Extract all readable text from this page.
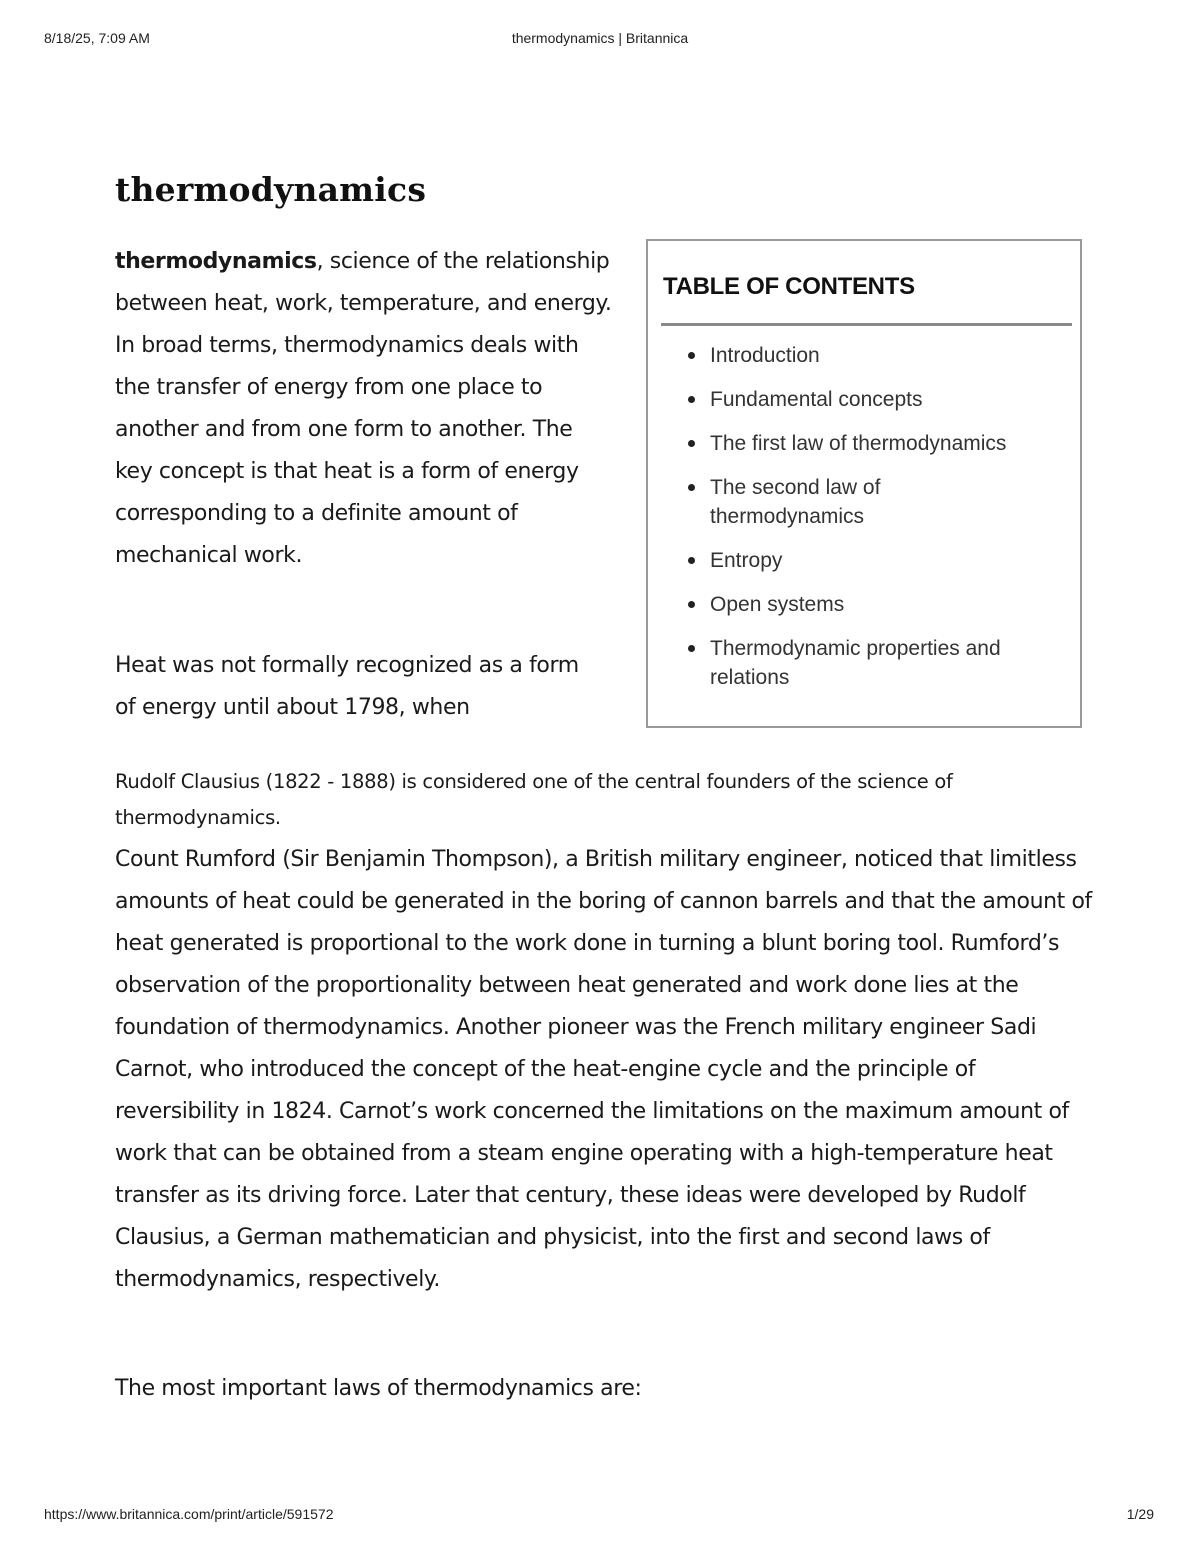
8/18/25, 7:09 AM	thermodynamics | Britannica
thermodynamics

thermodynamics, science of the relationship between heat, work, temperature, and energy. In broad terms, thermodynamics deals with the transfer of energy from one place to another and from one form to another. The key concept is that heat is a form of energy corresponding to a definite amount of mechanical work.

Heat was not formally recognized as a form of energy until about 1798, when

TABLE OF CONTENTS
Introduction
Fundamental concepts
The first law of thermodynamics
The second law of thermodynamics
Entropy
Open systems
Thermodynamic properties and relations

Rudolf Clausius (1822 - 1888) is considered one of the central founders of the science of thermodynamics.

Count Rumford (Sir Benjamin Thompson), a British military engineer, noticed that limitless amounts of heat could be generated in the boring of cannon barrels and that the amount of heat generated is proportional to the work done in turning a blunt boring tool. Rumford’s observation of the proportionality between heat generated and work done lies at the foundation of thermodynamics. Another pioneer was the French military engineer Sadi Carnot, who introduced the concept of the heat-engine cycle and the principle of reversibility in 1824. Carnot’s work concerned the limitations on the maximum amount of work that can be obtained from a steam engine operating with a high-temperature heat transfer as its driving force. Later that century, these ideas were developed by Rudolf Clausius, a German mathematician and physicist, into the first and second laws of thermodynamics, respectively.

The most important laws of thermodynamics are:

https://www.britannica.com/print/article/591572	1/29
